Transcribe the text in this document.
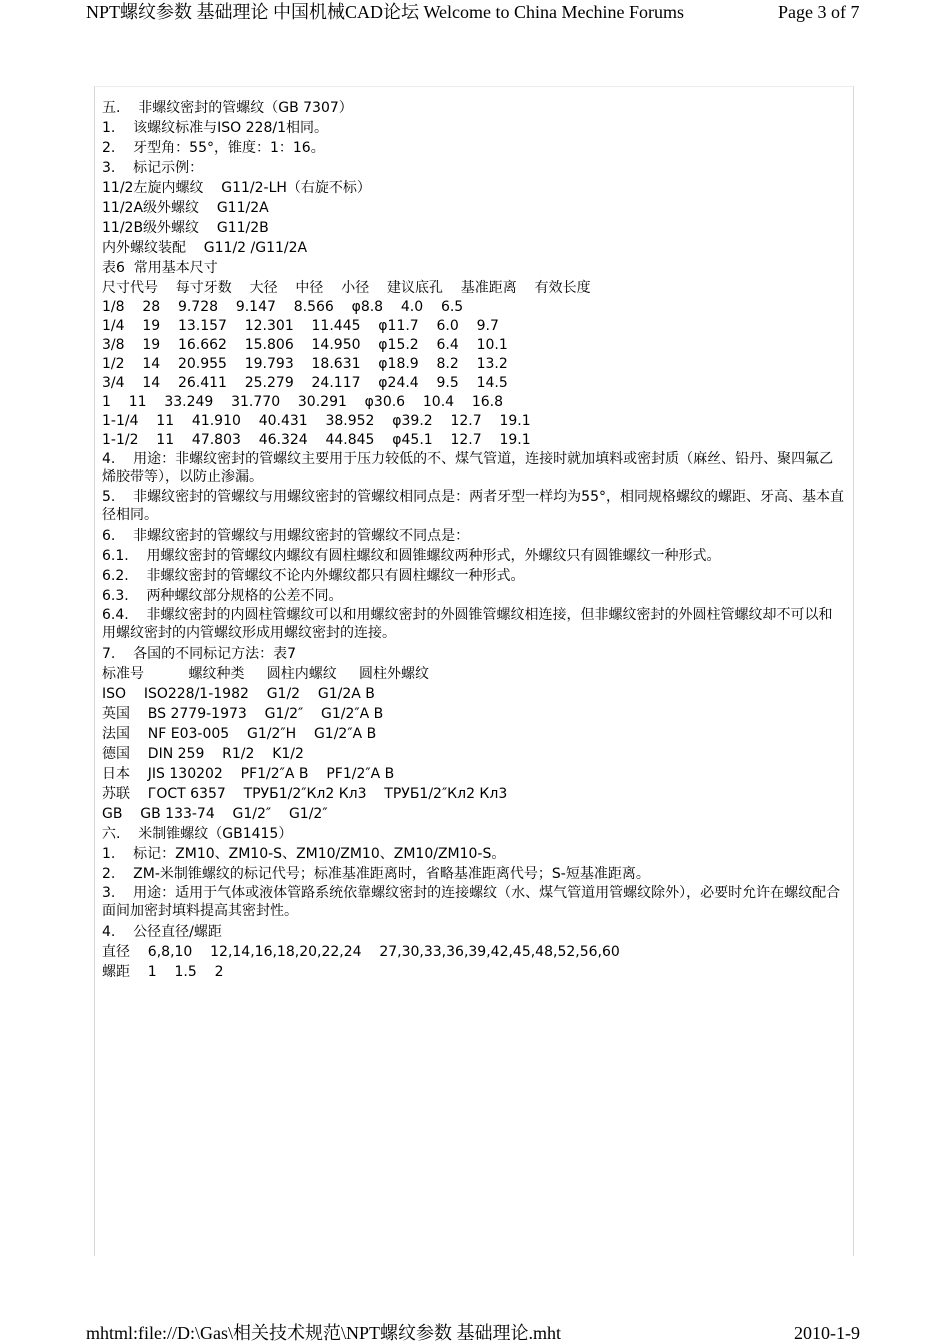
NPT螺纹参数 基础理论 中国机械CAD论坛 Welcome to China Mechine Forums	Page 3 of 7
五.    非螺纹密封的管螺纹（GB 7307）
1.    该螺纹标准与ISO 228/1相同。
2.    牙型角：55°，锥度：1：16。
3.    标记示例：
11/2左旋内螺纹    G11/2-LH（右旋不标）
11/2A级外螺纹    G11/2A
11/2B级外螺纹    G11/2B
内外螺纹装配    G11/2 /G11/2A
表6  常用基本尺寸
尺寸代号    每寸牙数    大径    中径    小径    建议底孔    基准距离    有效长度
1/8    28    9.728    9.147    8.566    φ8.8    4.0    6.5
1/4    19    13.157    12.301    11.445    φ11.7    6.0    9.7
3/8    19    16.662    15.806    14.950    φ15.2    6.4    10.1
1/2    14    20.955    19.793    18.631    φ18.9    8.2    13.2
3/4    14    26.411    25.279    24.117    φ24.4    9.5    14.5
1    11    33.249    31.770    30.291    φ30.6    10.4    16.8
1-1/4    11    41.910    40.431    38.952    φ39.2    12.7    19.1
1-1/2    11    47.803    46.324    44.845    φ45.1    12.7    19.1
4.    用途：非螺纹密封的管螺纹主要用于压力较低的不、煤气管道，连接时就加填料或密封质（麻丝、铅丹、聚四氟乙烯胶带等），以防止渗漏。
5.    非螺纹密封的管螺纹与用螺纹密封的管螺纹相同点是：两者牙型一样均为55°，相同规格螺纹的螺距、牙高、基本直径相同。
6.    非螺纹密封的管螺纹与用螺纹密封的管螺纹不同点是：
6.1.    用螺纹密封的管螺纹内螺纹有圆柱螺纹和圆锥螺纹两种形式，外螺纹只有圆锥螺纹一种形式。
6.2.    非螺纹密封的管螺纹不论内外螺纹都只有圆柱螺纹一种形式。
6.3.    两种螺纹部分规格的公差不同。
6.4.    非螺纹密封的内圆柱管螺纹可以和用螺纹密封的外圆锥管螺纹相连接，但非螺纹密封的外圆柱管螺纹却不可以和用螺纹密封的内管螺纹形成用螺纹密封的连接。
7.    各国的不同标记方法：表7
标准号          螺纹种类     圆柱内螺纹     圆柱外螺纹
ISO    ISO228/1-1982    G1/2    G1/2A B
英国    BS 2779-1973    G1/2″    G1/2″A B
法国    NF E03-005    G1/2″H    G1/2″A B
德国    DIN 259    R1/2    K1/2
日本    JIS 130202    PF1/2″A B    PF1/2″A B
苏联    ГОСТ 6357    ТРУБ1/2″Кл2 Кл3    ТРУБ1/2″Кл2 Кл3
GB    GB 133-74    G1/2″    G1/2″
六.    米制锥螺纹（GB1415）
1.    标记：ZM10、ZM10-S、ZM10/ZM10、ZM10/ZM10-S。
2.    ZM-米制锥螺纹的标记代号；标准基准距离时，省略基准距离代号；S-短基准距离。
3.    用途：适用于气体或液体管路系统依靠螺纹密封的连接螺纹（水、煤气管道用管螺纹除外），必要时允许在螺纹配合面间加密封填料提高其密封性。
4.    公径直径/螺距
直径    6,8,10    12,14,16,18,20,22,24    27,30,33,36,39,42,45,48,52,56,60
螺距    1    1.5    2
mhtml:file://D:\Gas\相关技术规范\NPT螺纹参数 基础理论.mht	2010-1-9
